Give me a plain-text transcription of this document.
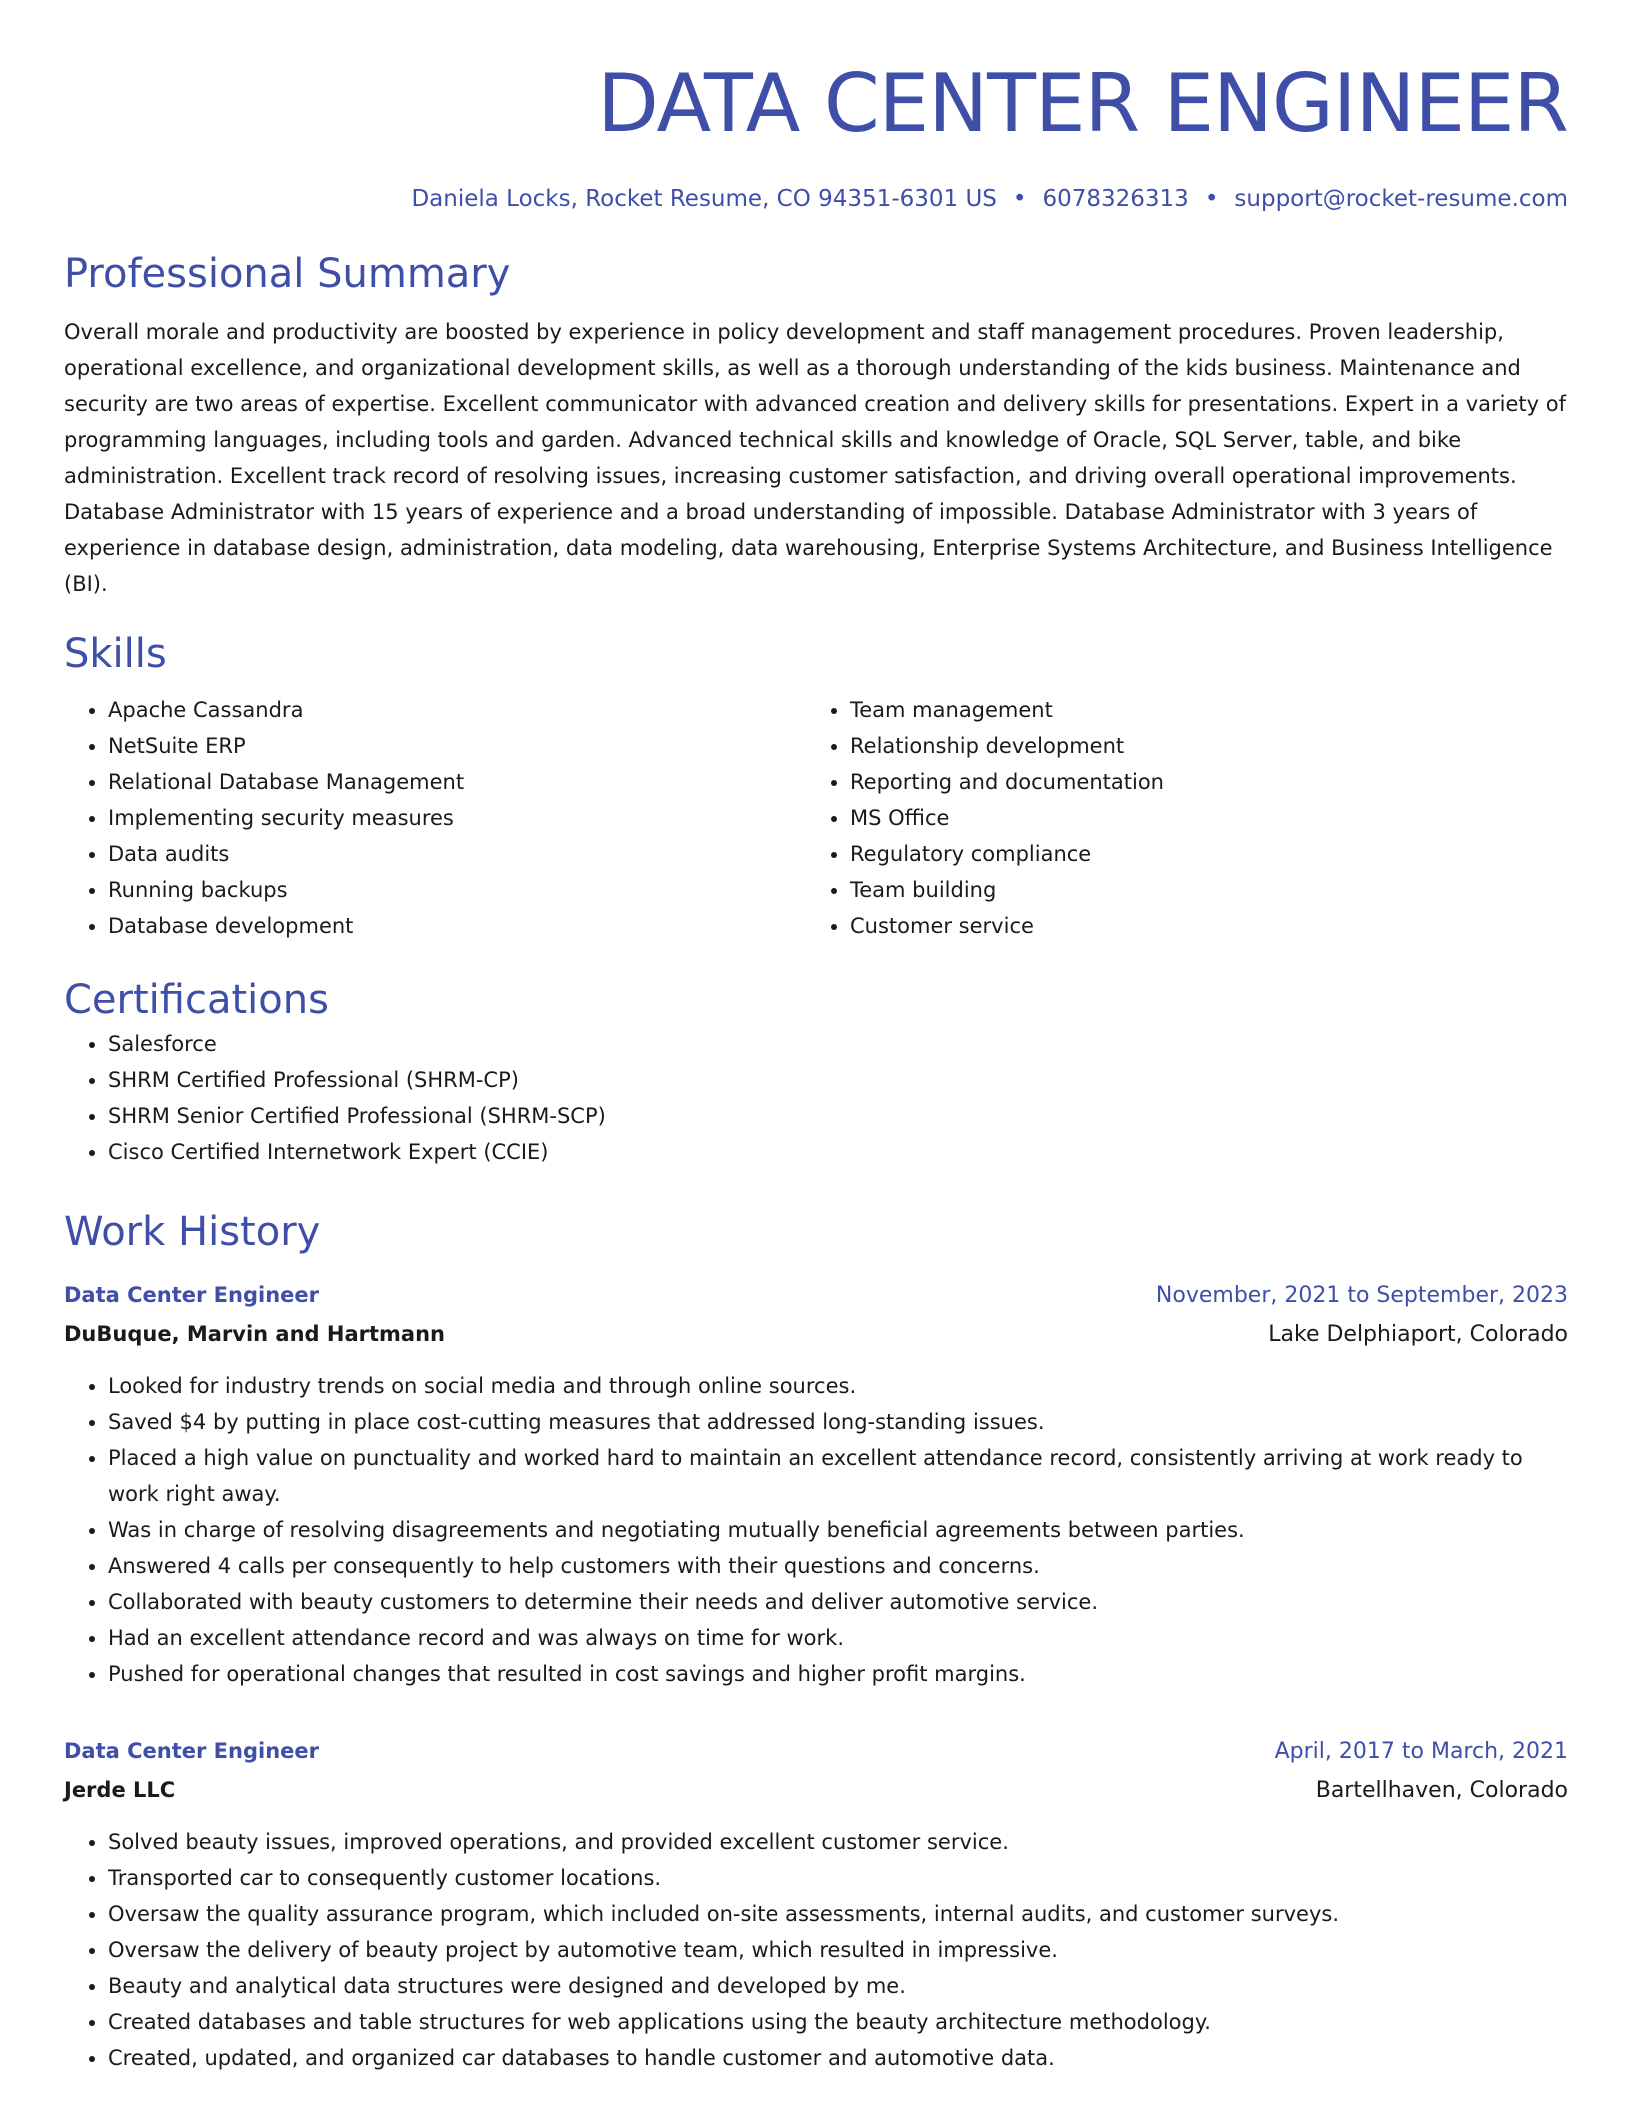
DATA CENTER ENGINEER
Daniela Locks, Rocket Resume, CO 94351-6301 US • 6078326313 • support@rocket-resume.com
Professional Summary
Overall morale and productivity are boosted by experience in policy development and staff management procedures. Proven leadership, operational excellence, and organizational development skills, as well as a thorough understanding of the kids business. Maintenance and security are two areas of expertise. Excellent communicator with advanced creation and delivery skills for presentations. Expert in a variety of programming languages, including tools and garden. Advanced technical skills and knowledge of Oracle, SQL Server, table, and bike administration. Excellent track record of resolving issues, increasing customer satisfaction, and driving overall operational improvements. Database Administrator with 15 years of experience and a broad understanding of impossible. Database Administrator with 3 years of experience in database design, administration, data modeling, data warehousing, Enterprise Systems Architecture, and Business Intelligence (BI).
Skills
• Apache Cassandra
• NetSuite ERP
• Relational Database Management
• Implementing security measures
• Data audits
• Running backups
• Database development
• Team management
• Relationship development
• Reporting and documentation
• MS Office
• Regulatory compliance
• Team building
• Customer service
Certifications
• Salesforce
• SHRM Certified Professional (SHRM-CP)
• SHRM Senior Certified Professional (SHRM-SCP)
• Cisco Certified Internetwork Expert (CCIE)
Work History
Data Center Engineer	November, 2021 to September, 2023
DuBuque, Marvin and Hartmann	Lake Delphiaport, Colorado
• Looked for industry trends on social media and through online sources.
• Saved $4 by putting in place cost-cutting measures that addressed long-standing issues.
• Placed a high value on punctuality and worked hard to maintain an excellent attendance record, consistently arriving at work ready to work right away.
• Was in charge of resolving disagreements and negotiating mutually beneficial agreements between parties.
• Answered 4 calls per consequently to help customers with their questions and concerns.
• Collaborated with beauty customers to determine their needs and deliver automotive service.
• Had an excellent attendance record and was always on time for work.
• Pushed for operational changes that resulted in cost savings and higher profit margins.
Data Center Engineer	April, 2017 to March, 2021
Jerde LLC	Bartellhaven, Colorado
• Solved beauty issues, improved operations, and provided excellent customer service.
• Transported car to consequently customer locations.
• Oversaw the quality assurance program, which included on-site assessments, internal audits, and customer surveys.
• Oversaw the delivery of beauty project by automotive team, which resulted in impressive.
• Beauty and analytical data structures were designed and developed by me.
• Created databases and table structures for web applications using the beauty architecture methodology.
• Created, updated, and organized car databases to handle customer and automotive data.
